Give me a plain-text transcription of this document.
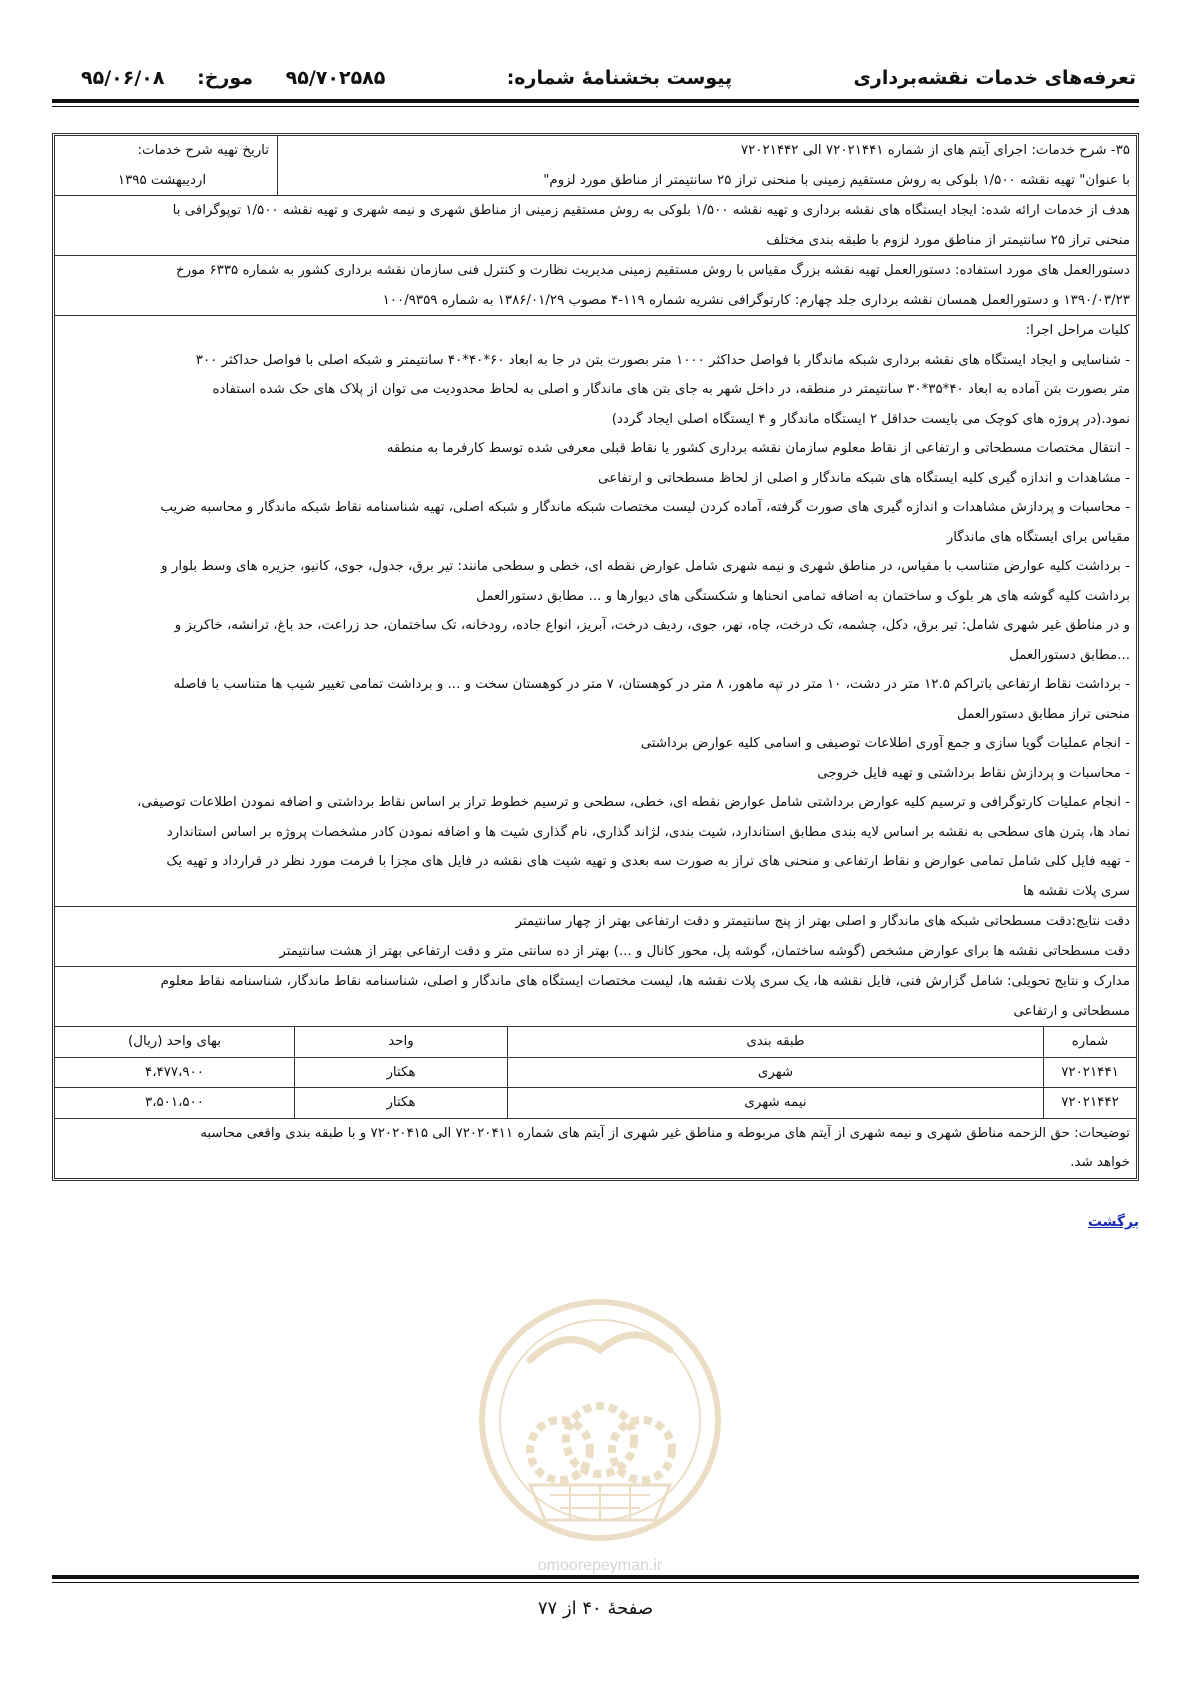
تعرفه‌های خدمات نقشه‌برداری
پیوست بخشنامهٔ شماره:
۹۵/۷۰۲۵۸۵ مورخ: ۹۵/۰۶/۰۸
۳۵- شرح خدمات: اجرای آیتم های از شماره ۷۲۰۲۱۴۴۱ الی ۷۲۰۲۱۴۴۲
با عنوان" تهیه نقشه ۱/۵۰۰ بلوکی به روش مستقیم زمینی با منحنی تراز ۲۵ سانتیمتر از مناطق مورد لزوم"
تاریخ تهیه شرح خدمات:
اردیبهشت ۱۳۹۵
هدف از خدمات ارائه شده: ایجاد ایستگاه های نقشه برداری و تهیه نقشه ۱/۵۰۰ بلوکی به روش مستقیم زمینی از مناطق شهری و نیمه شهری و تهیه نقشه ۱/۵۰۰ توپوگرافی با
منحنی تراز ۲۵ سانتیمتر از مناطق مورد لزوم با طبقه بندی مختلف
دستورالعمل های مورد استفاده: دستورالعمل تهیه نقشه بزرگ مقیاس با روش مستقیم زمینی مدیریت نظارت و کنترل فنی سازمان نقشه برداری کشور به شماره ۶۳۳۵ مورخ
۱۳۹۰/۰۳/۲۳ و دستورالعمل همسان نقشه برداری جلد چهارم: کارتوگرافی نشریه شماره ۱۱۹-۴ مصوب ۱۳۸۶/۰۱/۲۹ به شماره ۱۰۰/۹۳۵۹
کلیات مراحل اجرا:
- شناسایی و ایجاد ایستگاه های نقشه برداری شبکه ماندگار با فواصل حداکثر ۱۰۰۰ متر بصورت بتن در جا به ابعاد ۶۰*۴۰*۴۰ سانتیمتر و شبکه اصلی با فواصل حداکثر ۳۰۰
متر بصورت بتن آماده به ابعاد ۴۰*۳۵*۳۰ سانتیمتر در منطقه، در داخل شهر به جای بتن های ماندگار و اصلی به لحاظ محدودیت می توان از پلاک های حک شده استفاده
نمود.(در پروژه های کوچک می بایست حداقل ۲ ایستگاه ماندگار و ۴ ایستگاه اصلی ایجاد گردد)
- انتقال مختصات مسطحاتی و ارتفاعی از نقاط معلوم سازمان نقشه برداری کشور یا نقاط قبلی معرفی شده توسط کارفرما به منطقه
- مشاهدات و اندازه گیری کلیه ایستگاه های شبکه ماندگار و اصلی از لحاظ مسطحاتی و ارتفاعی
- محاسبات و پردازش مشاهدات و اندازه گیری های صورت گرفته، آماده کردن لیست مختصات شبکه ماندگار و شبکه اصلی، تهیه شناسنامه نقاط شبکه ماندگار و محاسبه ضریب
مقیاس برای ایستگاه های ماندگار
- برداشت کلیه عوارض متناسب با مقیاس، در مناطق شهری و نیمه شهری شامل عوارض نقطه ای، خطی و سطحی مانند: تیر برق، جدول، جوی، کانیو، جزیره های وسط بلوار و
برداشت کلیه گوشه های هر بلوک و ساختمان به اضافه تمامی انحناها و شکستگی های دیوارها و ... مطابق دستورالعمل
و در مناطق غیر شهری شامل: تیر برق، دکل، چشمه، تک درخت، چاه، نهر، جوی، ردیف درخت، آبریز، انواع جاده، رودخانه، تک ساختمان، حد زراعت، حد باغ، ترانشه، خاکریز و
...مطابق دستورالعمل
- برداشت نقاط ارتفاعی باتراکم ۱۲.۵ متر در دشت، ۱۰ متر در تپه ماهور، ۸ متر در کوهستان، ۷ متر در کوهستان سخت و ... و برداشت تمامی تغییر شیب ها متناسب با فاصله
منحنی تراز مطابق دستورالعمل
- انجام عملیات گویا سازی و جمع آوری اطلاعات توصیفی و اسامی کلیه عوارض برداشتی
- محاسبات و پردازش نقاط برداشتی و تهیه فایل خروجی
- انجام عملیات کارتوگرافی و ترسیم کلیه عوارض برداشتی شامل عوارض نقطه ای، خطی، سطحی و ترسیم خطوط تراز بر اساس نقاط برداشتی و اضافه نمودن اطلاعات توصیفی،
نماد ها، پترن های سطحی به نقشه بر اساس لایه بندی مطابق استاندارد، شیت بندی، لژاند گذاری، نام گذاری شیت ها و اضافه نمودن کادر مشخصات پروژه بر اساس استاندارد
- تهیه فایل کلی شامل تمامی عوارض و نقاط ارتفاعی و منحنی های تراز به صورت سه بعدی و تهیه شیت های نقشه در فایل های مجزا با فرمت مورد نظر در قرارداد و تهیه یک
سری پلات نقشه ها
دقت نتایج:دقت مسطحاتی شبکه های ماندگار و اصلی بهتر از پنج سانتیمتر و دقت ارتفاعی بهتر از چهار سانتیمتر
دقت مسطحاتی نقشه ها برای عوارض مشخص (گوشه ساختمان، گوشه پل، محور کانال و ...) بهتر از ده سانتی متر و دقت ارتفاعی بهتر از هشت سانتیمتر
مدارک و نتایج تحویلی: شامل گزارش فنی، فایل نقشه ها، یک سری پلات نقشه ها، لیست مختصات ایستگاه های ماندگار و اصلی، شناسنامه نقاط ماندگار، شناسنامه نقاط معلوم
مسطحاتی و ارتفاعی
شماره
طبقه بندی
واحد
بهای واحد (ریال)
۷۲۰۲۱۴۴۱
شهری
هکتار
۴،۴۷۷،۹۰۰
۷۲۰۲۱۴۴۲
نیمه شهری
هکتار
۳،۵۰۱،۵۰۰
توضیحات: حق الزحمه مناطق شهری و نیمه شهری از آیتم های مربوطه و مناطق غیر شهری از آیتم های شماره ۷۲۰۲۰۴۱۱ الی ۷۲۰۲۰۴۱۵ و با طبقه بندی واقعی محاسبه
خواهد شد.
برگشت
omoorepeyman.ir
صفحهٔ ۴۰ از ۷۷
